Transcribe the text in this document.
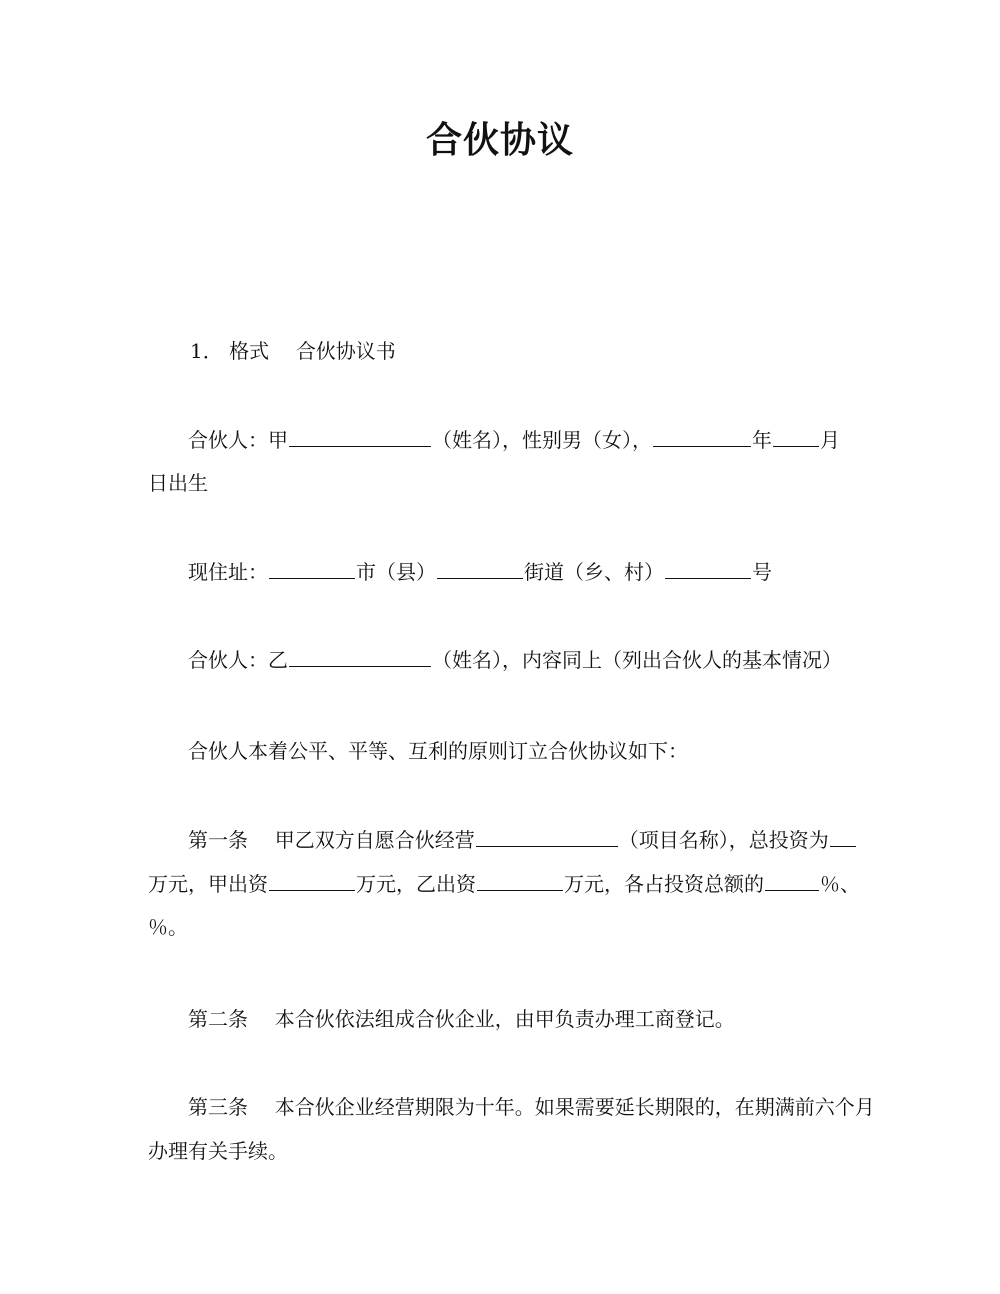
合伙协议
1． 格式 合伙协议书
合伙人：甲	（姓名），性别男（女），	年 月
日出生
现住址：	市（县）	街道（乡、村）	号
合伙人：乙	（姓名），内容同上（列出合伙人的基本情况）
合伙人本着公平、平等、互利的原则订立合伙协议如下：
第一条 甲乙双方自愿合伙经营	（项目名称），总投资为
万元，甲出资	万元，乙出资	万元，各占投资总额的	％、
％。
第二条 本合伙依法组成合伙企业，由甲负责办理工商登记。
第三条 本合伙企业经营期限为十年。如果需要延长期限的，在期满前六个月
办理有关手续。
